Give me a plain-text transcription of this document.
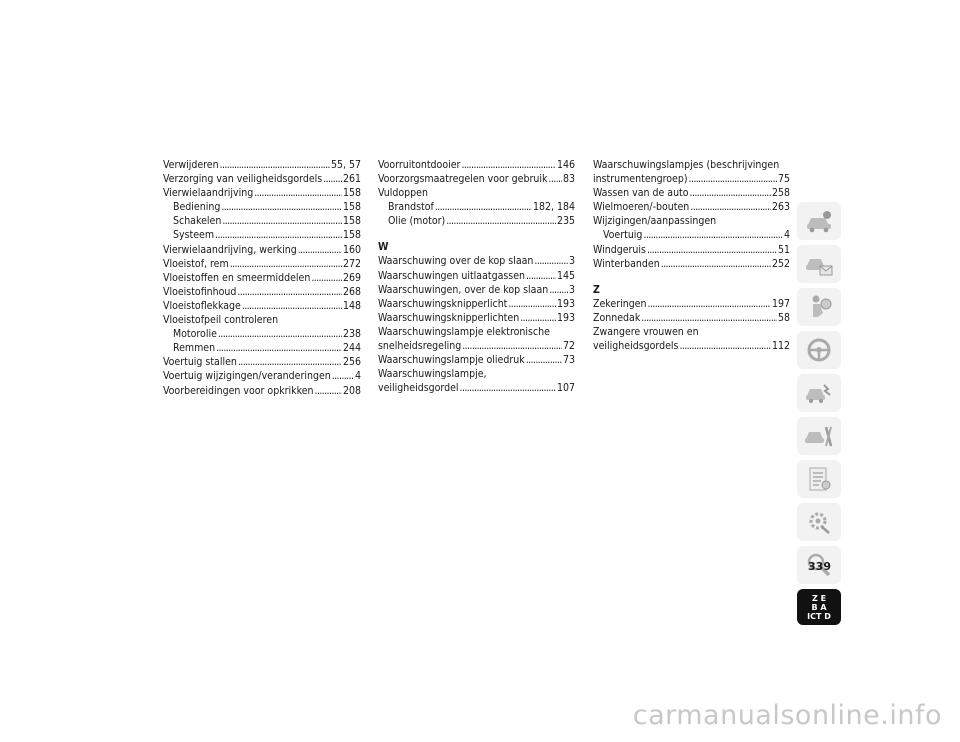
Verwijderen . . .	55, 57
Verzorging van veiligheidsgordels . . . 261
Vierwielaandrijving . . .	158
Bediening . . .	158
Schakelen . . .	158
Systeem . . .	158
Vierwielaandrijving, werking . . .	160
Vloeistof, rem . . .	272
Vloeistoffen en smeermiddelen . . .	269
Vloeistofinhoud . . .	268
Vloeistoflekkage . . .	148
Vloeistofpeil controleren
Motorolie . . .	238
Remmen . . .	244
Voertuig stallen . . .	256
Voertuig wijzigingen/veranderingen . . . 4
Voorbereidingen voor opkrikken . . .	208
Voorruitontdooier . . .	146
Voorzorgsmaatregelen voor gebruik . . . 83
Vuldoppen
Brandstof . . .	182, 184
Olie (motor) . . .	235
W
Waarschuwing over de kop slaan . . .	3
Waarschuwingen uitlaatgassen . . .	145
Waarschuwingen, over de kop slaan . . . 3
Waarschuwingsknipperlicht . . .	193
Waarschuwingsknipperlichten . . .	193
Waarschuwingslampje elektronische
snelheidsregeling . . .	72
Waarschuwingslampje oliedruk . . .	73
Waarschuwingslampje,
veiligheidsgordel . . .	107
Waarschuwingslampjes (beschrijvingen
instrumentengroep) . . .	75
Wassen van de auto . . .	258
Wielmoeren/-bouten . . .	263
Wijzigingen/aanpassingen
Voertuig . . .	4
Windgeruis . . .	51
Winterbanden . . .	252
Z
Zekeringen . . .	197
Zonnedak . . .	58
Zwangere vrouwen en
veiligheidsgordels . . .	112
Z E
B A
ICT D
339
carmanualsonline.info
